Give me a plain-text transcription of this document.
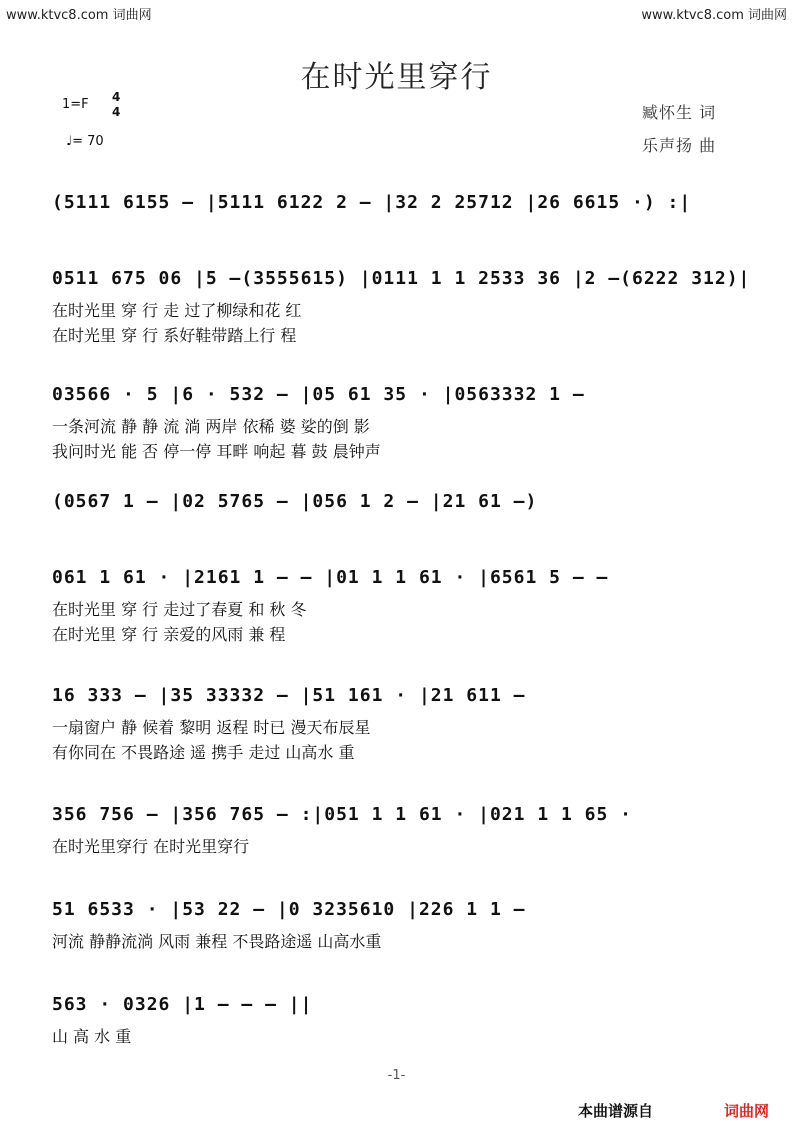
www.ktvc8.com 词曲网	www.ktvc8.com 词曲网
在时光里穿行
1=F 4
4
♩= 70
臧怀生 词
乐声扬 曲
(5111 6155 – |5111 6122 2 – |32 2 25712 |26 6615 ·) :|
0511 675 06 |5 –(3555615) |0111 1 1 2533 36 |2 –(6222 312)|
在时光里 穿 行 走 过了柳绿和花 红
在时光里 穿 行 系好鞋带踏上行 程
03566 · 5 |6 · 532 – |05 61 35 · |0563332 1 –
一条河流 静 静 流 淌 两岸 依稀 婆 娑的倒 影
我问时光 能 否 停一停 耳畔 响起 暮 鼓 晨钟声
(0567 1 – |02 5765 – |056 1 2 – |21 61 –)
061 1 61 · |2161 1 – – |01 1 1 61 · |6561 5 – –
在时光里 穿 行 走过了春夏 和 秋 冬
在时光里 穿 行 亲爱的风雨 兼 程
16 333 – |35 33332 – |51 161 · |21 611 –
一扇窗户 静 候着 黎明 返程 时已 漫天布辰星
有你同在 不畏路途 遥 携手 走过 山高水 重
356 756 – |356 765 – :|051 1 1 61 · |021 1 1 65 ·
在时光里穿行 在时光里穿行
51 6533 · |53 22 – |0 3235610 |226 1 1 –
河流 静静流淌 风雨 兼程 不畏路途遥 山高水重
563 · 0326 |1 – – – ||
山 高 水 重
-1-
本曲谱源自	词曲网
